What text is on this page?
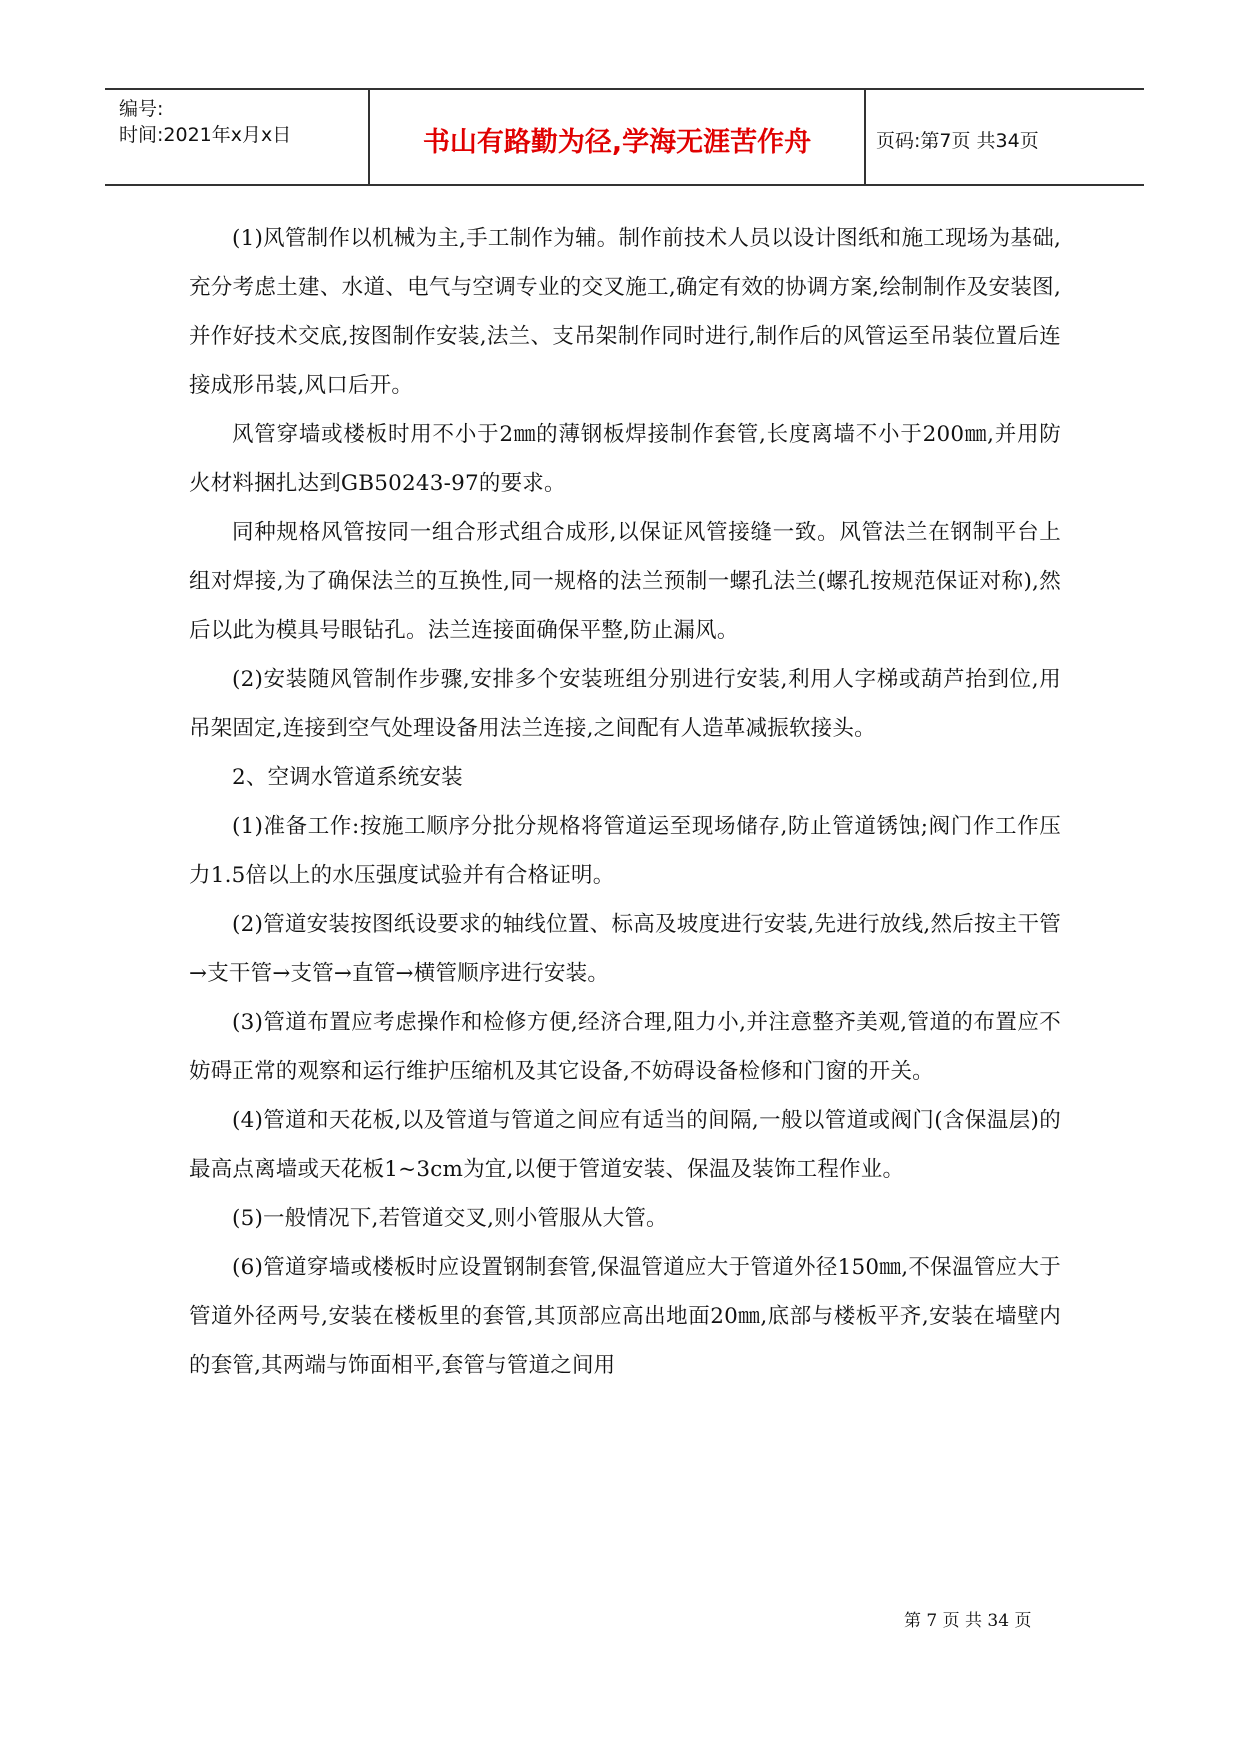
编号:
时间:2021年x月x日	书山有路勤为径,学海无涯苦作舟	页码:第7页 共34页

(1)风管制作以机械为主,手工制作为辅。制作前技术人员以设计图纸和施工现场为基础,充分考虑土建、水道、电气与空调专业的交叉施工,确定有效的协调方案,绘制制作及安装图,并作好技术交底,按图制作安装,法兰、支吊架制作同时进行,制作后的风管运至吊装位置后连接成形吊装,风口后开。

风管穿墙或楼板时用不小于2㎜的薄钢板焊接制作套管,长度离墙不小于200㎜,并用防火材料捆扎达到GB50243-97的要求。

同种规格风管按同一组合形式组合成形,以保证风管接缝一致。风管法兰在钢制平台上组对焊接,为了确保法兰的互换性,同一规格的法兰预制一螺孔法兰(螺孔按规范保证对称),然后以此为模具号眼钻孔。法兰连接面确保平整,防止漏风。

(2)安装随风管制作步骤,安排多个安装班组分别进行安装,利用人字梯或葫芦抬到位,用吊架固定,连接到空气处理设备用法兰连接,之间配有人造革减振软接头。

2、空调水管道系统安装

(1)准备工作:按施工顺序分批分规格将管道运至现场储存,防止管道锈蚀;阀门作工作压力1.5倍以上的水压强度试验并有合格证明。

(2)管道安装按图纸设要求的轴线位置、标高及坡度进行安装,先进行放线,然后按主干管→支干管→支管→直管→横管顺序进行安装。

(3)管道布置应考虑操作和检修方便,经济合理,阻力小,并注意整齐美观,管道的布置应不妨碍正常的观察和运行维护压缩机及其它设备,不妨碍设备检修和门窗的开关。

(4)管道和天花板,以及管道与管道之间应有适当的间隔,一般以管道或阀门(含保温层)的最高点离墙或天花板1~3cm为宜,以便于管道安装、保温及装饰工程作业。

(5)一般情况下,若管道交叉,则小管服从大管。

(6)管道穿墙或楼板时应设置钢制套管,保温管道应大于管道外径150㎜,不保温管应大于管道外径两号,安装在楼板里的套管,其顶部应高出地面20㎜,底部与楼板平齐,安装在墙壁内的套管,其两端与饰面相平,套管与管道之间用

第 7 页 共 34 页
